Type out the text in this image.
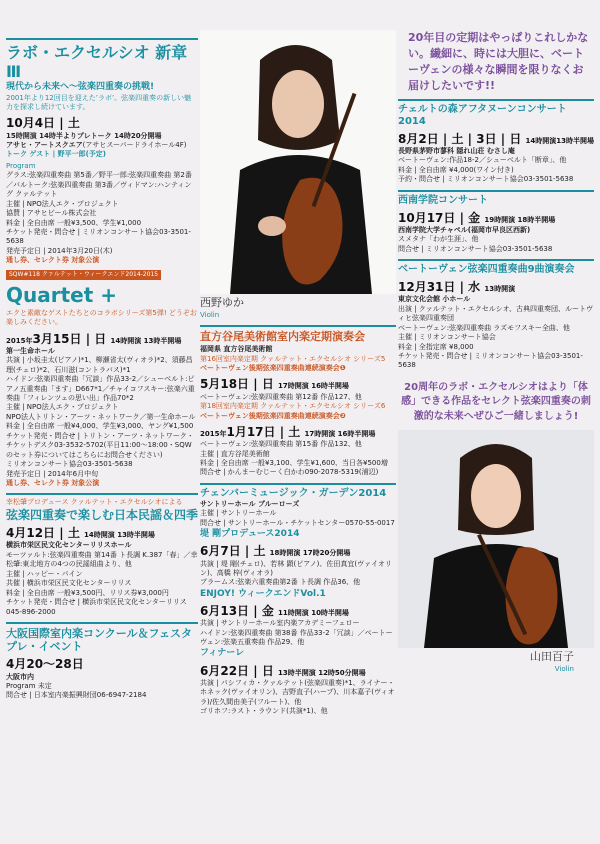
ラボ・エクセルシオ 新章Ⅲ
現代から未来へ～弦楽四重奏の挑戦!
2001年より12回目を迎えた’ラボ’。弦楽四重奏の新しい魅力を探求し続けています。
10月4日 | 土
15時開演 14時半よりプレトーク 14時20分開場
アサヒ・アートスクエア(アサヒスーパードライホール4F)
トーク ゲスト | 野平一郎(予定)
Program
グラス:弦楽四重奏曲 第5番／野平一郎:弦楽四重奏曲 第2番／バルトーク:弦楽四重奏曲 第3番／ヴィドマン:ハンティング クァルテット
主催 | NPO法人エク・プロジェクト
協賛 | アサヒビール株式会社
料金 | 全自由席 一般¥3,500、学生¥1,000
チケット発売・問合せ | ミリオンコンサート協会03-3501-5638
発売予定日 | 2014年3月20日(木)
通し券、セレクト券 対象公演
SQW#118 クァルテット・ウィークエンド2014-2015
Quartet +
エクと素敵なゲストたちとのコラボシリーズ第5弾! どうぞお楽しみください。
2015年3月15日 | 日 14時開演 13時半開場
第一生命ホール
共演 | 小坂圭太(ピアノ)*1、柳瀬省太(ヴィオラ)*2、須藤昌理(チェロ)*2、石川滋(コントラバス)*1
ハイドン:弦楽四重奏曲「冗談」作品33-2／シューベルト:ピアノ五重奏曲「ます」D667*1／チャイコフスキー:弦楽六重奏曲「フィレンツェの思い出」作品70*2
主催 | NPO法人エク・プロジェクト
NPO法人トリトン・アーツ・ネットワーク／第一生命ホール
料金 | 全自由席 一般¥4,000、学生¥3,000、ヤング¥1,500
チケット発売・問合せ | トリトン・アーツ・ネットワーク・チケットデスク03-3532-5702(平日11:00～18:00・SQWのセット券についてはこちらにお問合せください)
ミリオンコンサート協会03-3501-5638
発売予定日 | 2014年6月中旬
通し券、セレクト券 対象公演
幸松肇プロデュース クァルテット・エクセルシオによる
弦楽四重奏で楽しむ日本民謡＆四季
4月12日 | 土 14時開演 13時半開場
横浜市栄区民文化センターリリスホール
モーツァルト:弦楽四重奏曲 第14番 ト長調 K.387「春」／幸松肇:東北地方の4つの民謡組曲より、他
主催 | ハッピー・パイン
共催 | 横浜市栄区民文化センターリリス
料金 | 全自由席 一般¥3,500円、リリス券¥3,000円
チケット発売・問合せ | 横浜市栄区民文化センターリリス045-896-2000
大阪国際室内楽コンクール＆フェスタ プレ・イベント
4月20～28日
大阪市内
Program 未定
問合せ | 日本室内楽振興財団06-6947-2184
西野ゆか
Violin
直方谷尾美術館室内楽定期演奏会
福岡県 直方谷尾美術館
第16回室内楽定期 クァルテット・エクセルシオ シリーズ5
ベートーヴェン後期弦楽四重奏曲連続演奏会❶
5月18日 | 日 17時開演 16時半開場
ベートーヴェン:弦楽四重奏曲 第12番 作品127、他
第18回室内楽定期 クァルテット・エクセルシオ シリーズ6
ベートーヴェン後期弦楽四重奏曲連続演奏会❷
2015年1月17日 | 土 17時開演 16時半開場
ベートーヴェン:弦楽四重奏曲 第15番 作品132、他
主催 | 直方谷尾美術館
料金 | 全自由席 一般¥3,100、学生¥1,600、当日各¥500増
問合せ | かんまーむじーく白かわ090-2078-5319(浦辺)
チェンバーミュージック・ガーデン2014
サントリーホール ブルーローズ
主催 | サントリーホール
問合せ | サントリーホール・チケットセンター0570-55-0017
堤 剛プロデュース2014
6月7日 | 土 18時開演 17時20分開場
共演 | 堤 剛(チェロ)、若林 顕(ピアノ)、佐田真宜(ヴァイオリン)、高橋 梓(ヴィオラ)
ブラームス:弦楽六重奏曲第2番 ト長調 作品36、他
ENJOY! ウィークエンドVol.1
6月13日 | 金 11時開演 10時半開場
共演 | サントリーホール室内楽アカデミーフェロー
ハイドン:弦楽四重奏曲 第38番 作品33-2「冗談」／ベートーヴェン:弦楽五重奏曲 作品29、他
フィナーレ
6月22日 | 日 13時半開演 12時50分開場
共演 | パシフィカ・クァルテット(弦楽四重奏)*1、ライナー・ホネック(ヴァイオリン)、吉野直子(ハープ)、川本嘉子(ヴィオラ)/佐久間由美子(フルート)、他
ゴリホフ:ラスト・ラウンド(共演*1)、他
20年目の定期はやっぱりこれしかない。繊細に、時には大胆に、ベートーヴェンの様々な瞬間を限りなくお届けしたいです!!
チェルトの森アフタヌーンコンサート2014
8月2日 | 土 | 3日 | 日 14時開演13時半開場
長野県茅野市蓼科 隠れ山荘 むさし庵
ベートーヴェン:作品18-2／シューベルト「断章」、他
料金 | 全自由席 ¥4,000(ワイン付き)
予約・問合せ | ミリオンコンサート協会03-3501-5638
西南学院コンサート
10月17日 | 金 19時開演 18時半開場
西南学院大学チャペル(福岡市早良区西新)
スメタナ「わが生涯」、他
問合せ | ミリオンコンサート協会03-3501-5638
ベートーヴェン弦楽四重奏曲9曲演奏会
12月31日 | 水 13時開演
東京文化会館 小ホール
出演 | クァルテット・エクセルシオ、古典四重奏団、ルートヴィヒ弦楽四重奏団
ベートーヴェン:弦楽四重奏曲 ラズモフスキー全曲、他
主催 | ミリオンコンサート協会
料金 | 全指定席 ¥8,000
チケット発売・問合せ | ミリオンコンサート協会03-3501-5638
20周年のラボ・エクセルシオはより「体感」できる作品をセレクト弦楽四重奏の刺激的な未来へぜひご一緒しましょう!
山田百子
Violin
